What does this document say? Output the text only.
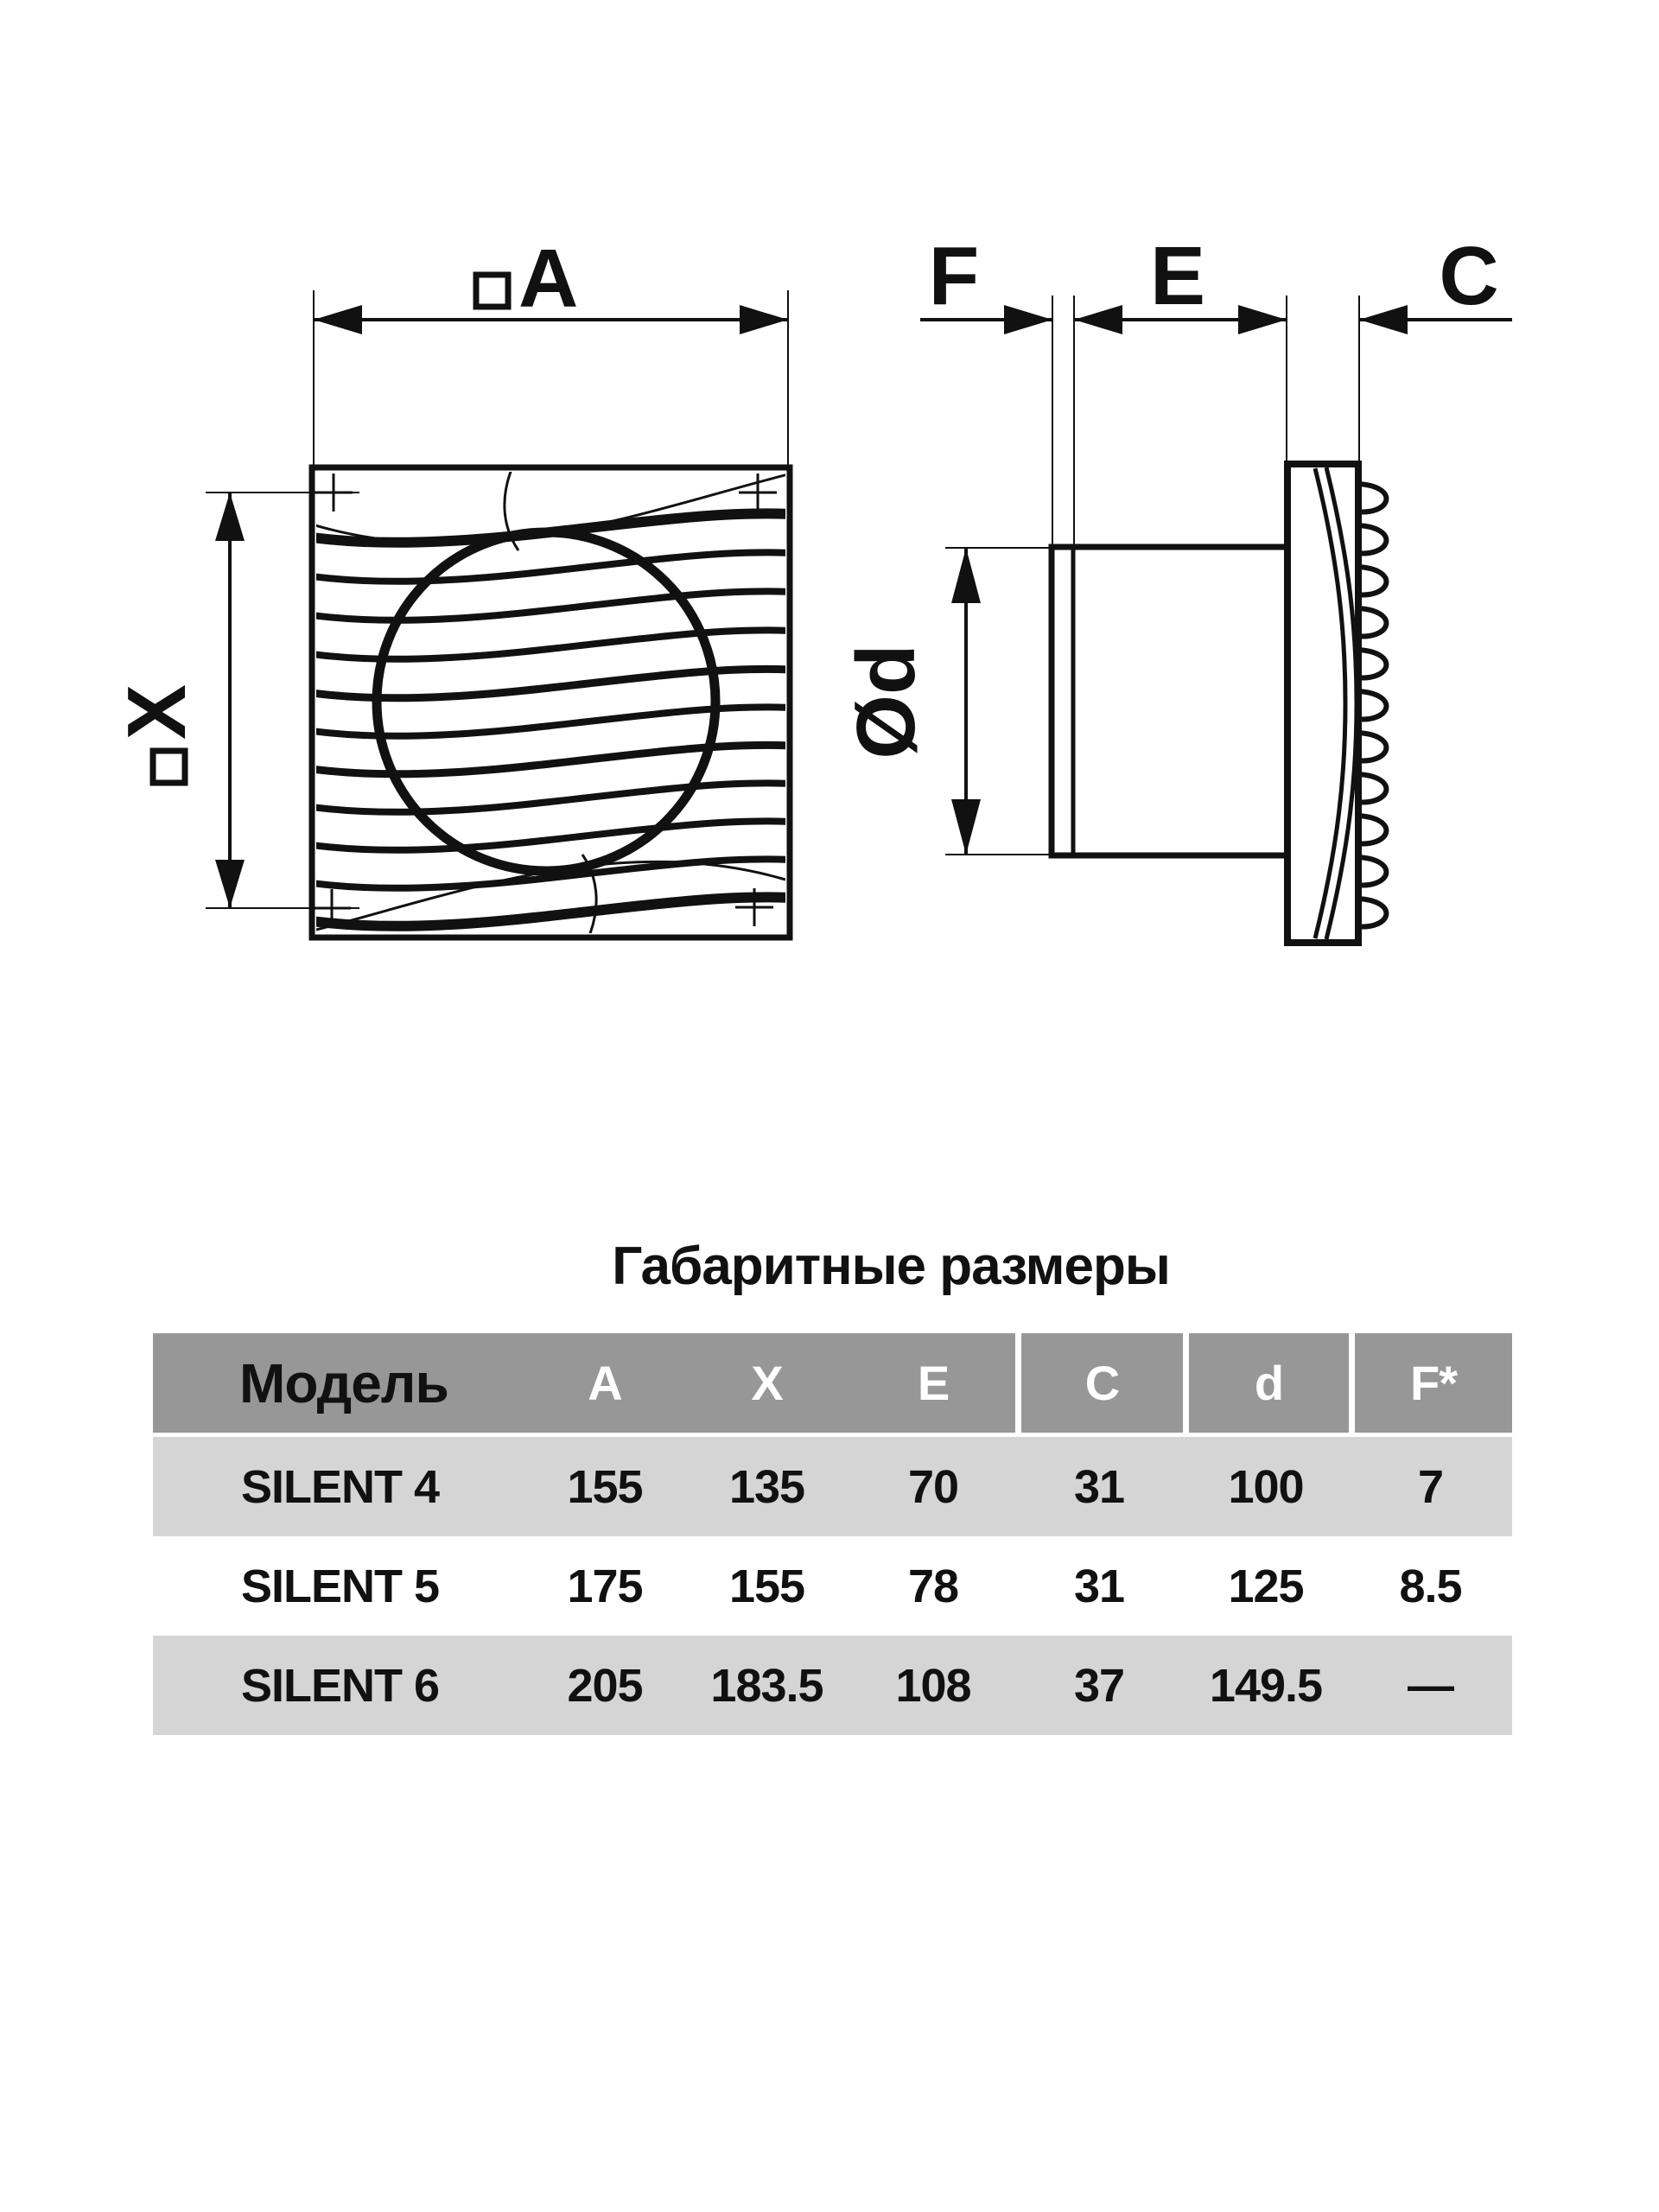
A
X
F E	C
Ød
Габаритные размеры
Модель	A	X	E	C	d	F*
SILENT 4	155	135	70	31	100	7
SILENT 5	175	155	78	31	125	8.5
SILENT 6	205	183.5	108	37	149.5	—
